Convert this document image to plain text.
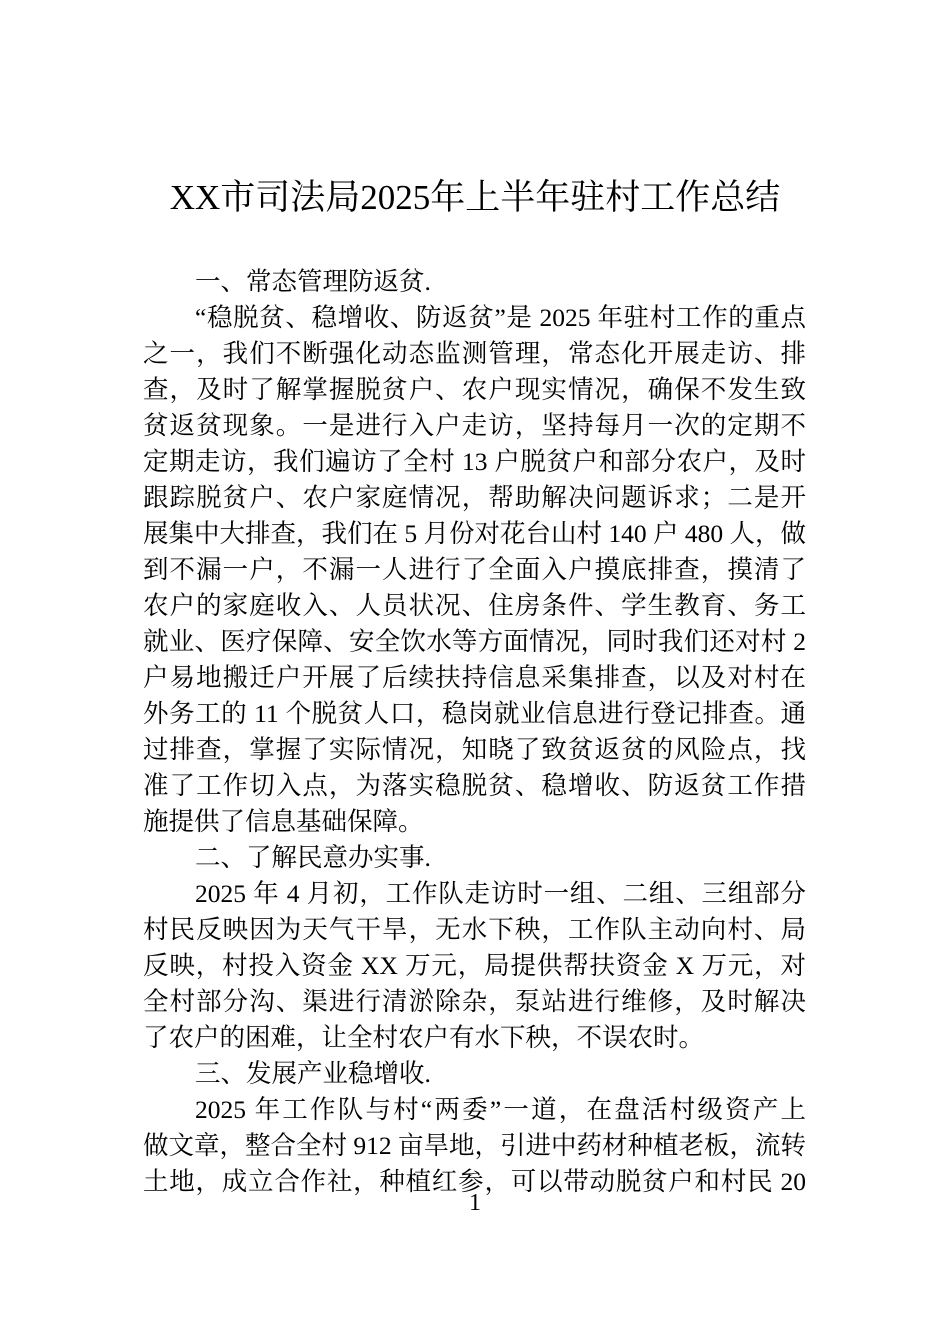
XX市司法局2025年上半年驻村工作总结
一、常态管理防返贫.
“稳脱贫、稳增收、防返贫”是 2025 年驻村工作的重点
之一，我们不断强化动态监测管理，常态化开展走访、排
查，及时了解掌握脱贫户、农户现实情况，确保不发生致
贫返贫现象。一是进行入户走访，坚持每月一次的定期不
定期走访，我们遍访了全村 13 户脱贫户和部分农户，及时
跟踪脱贫户、农户家庭情况，帮助解决问题诉求；二是开
展集中大排查，我们在 5 月份对花台山村 140 户 480 人，做
到不漏一户，不漏一人进行了全面入户摸底排查，摸清了
农户的家庭收入、人员状况、住房条件、学生教育、务工
就业、医疗保障、安全饮水等方面情况，同时我们还对村 2
户易地搬迁户开展了后续扶持信息采集排查，以及对村在
外务工的 11 个脱贫人口，稳岗就业信息进行登记排查。通
过排查，掌握了实际情况，知晓了致贫返贫的风险点，找
准了工作切入点，为落实稳脱贫、稳增收、防返贫工作措
施提供了信息基础保障。
二、了解民意办实事.
2025 年 4 月初，工作队走访时一组、二组、三组部分
村民反映因为天气干旱，无水下秧，工作队主动向村、局
反映，村投入资金 XX 万元，局提供帮扶资金 X 万元，对
全村部分沟、渠进行清淤除杂，泵站进行维修，及时解决
了农户的困难，让全村农户有水下秧，不误农时。
三、发展产业稳增收.
2025 年工作队与村“两委”一道，在盘活村级资产上
做文章，整合全村 912 亩旱地，引进中药材种植老板，流转
土地，成立合作社，种植红参，可以带动脱贫户和村民 20
1
